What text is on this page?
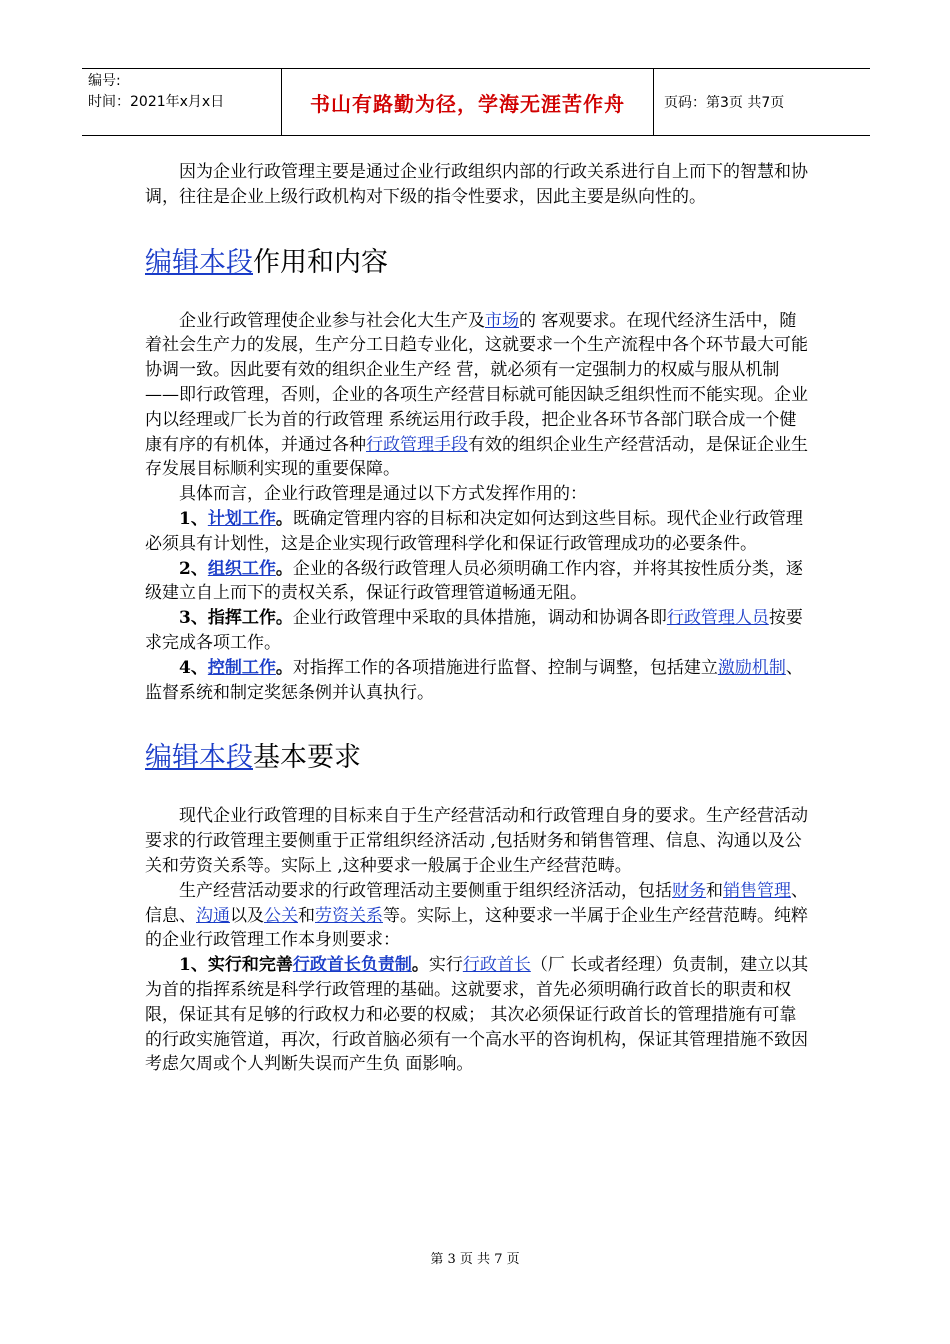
编号:
时间：2021年x月x日	书山有路勤为径，学海无涯苦作舟	页码：第3页 共7页

因为企业行政管理主要是通过企业行政组织内部的行政关系进行自上而下的智慧和协调，往往是企业上级行政机构对下级的指令性要求，因此主要是纵向性的。

编辑本段作用和内容

企业行政管理使企业参与社会化大生产及市场的 客观要求。在现代经济生活中，随着社会生产力的发展，生产分工日趋专业化，这就要求一个生产流程中各个环节最大可能协调一致。因此要有效的组织企业生产经 营，就必须有一定强制力的权威与服从机制——即行政管理，否则，企业的各项生产经营目标就可能因缺乏组织性而不能实现。企业内以经理或厂长为首的行政管理 系统运用行政手段，把企业各环节各部门联合成一个健康有序的有机体，并通过各种行政管理手段有效的组织企业生产经营活动，是保证企业生存发展目标顺利实现的重要保障。

具体而言，企业行政管理是通过以下方式发挥作用的：

1、计划工作。既确定管理内容的目标和决定如何达到这些目标。现代企业行政管理必须具有计划性，这是企业实现行政管理科学化和保证行政管理成功的必要条件。

2、组织工作。企业的各级行政管理人员必须明确工作内容，并将其按性质分类，逐级建立自上而下的责权关系，保证行政管理管道畅通无阻。

3、指挥工作。企业行政管理中采取的具体措施，调动和协调各即行政管理人员按要求完成各项工作。

4、控制工作。对指挥工作的各项措施进行监督、控制与调整，包括建立激励机制、监督系统和制定奖惩条例并认真执行。

编辑本段基本要求

现代企业行政管理的目标来自于生产经营活动和行政管理自身的要求。生产经营活动要求的行政管理主要侧重于正常组织经济活动 ,包括财务和销售管理、信息、沟通以及公关和劳资关系等。实际上 ,这种要求一般属于企业生产经营范畴。

生产经营活动要求的行政管理活动主要侧重于组织经济活动，包括财务和销售管理、信息、沟通以及公关和劳资关系等。实际上，这种要求一半属于企业生产经营范畴。纯粹的企业行政管理工作本身则要求：

1、实行和完善行政首长负责制。实行行政首长（厂 长或者经理）负责制，建立以其为首的指挥系统是科学行政管理的基础。这就要求，首先必须明确行政首长的职责和权限，保证其有足够的行政权力和必要的权威； 其次必须保证行政首长的管理措施有可靠的行政实施管道，再次，行政首脑必须有一个高水平的咨询机构，保证其管理措施不致因考虑欠周或个人判断失误而产生负 面影响。

第 3 页 共 7 页
